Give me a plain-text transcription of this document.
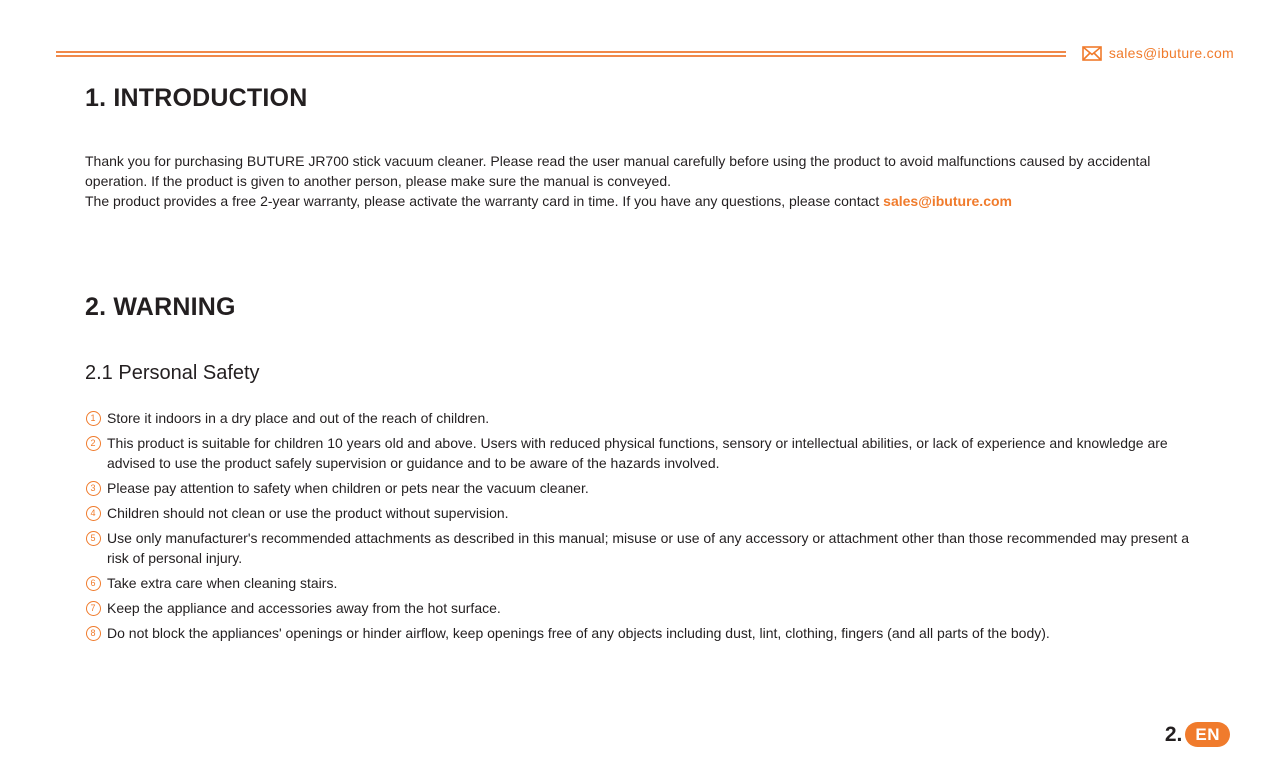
sales@ibuture.com
1. INTRODUCTION

Thank you for purchasing BUTURE JR700 stick vacuum cleaner. Please read the user manual carefully before using the product to avoid malfunctions caused by accidental operation. If the product is given to another person, please make sure the manual is conveyed.

The product provides a free 2-year warranty, please activate the warranty card in time. If you have any questions, please contact sales@ibuture.com

2. WARNING
2.1 Personal Safety
1 Store it indoors in a dry place and out of the reach of children.
2 This product is suitable for children 10 years old and above. Users with reduced physical functions, sensory or intellectual abilities, or lack of experience and knowledge are advised to use the product safely supervision or guidance and to be aware of the hazards involved.
3 Please pay attention to safety when children or pets near the vacuum cleaner.
4 Children should not clean or use the product without supervision.
5 Use only manufacturer's recommended attachments as described in this manual; misuse or use of any accessory or attachment other than those recommended may present a risk of personal injury.
6 Take extra care when cleaning stairs.
7 Keep the appliance and accessories away from the hot surface.
8 Do not block the appliances' openings or hinder airflow, keep openings free of any objects including dust, lint, clothing, fingers (and all parts of the body).
2. EN
